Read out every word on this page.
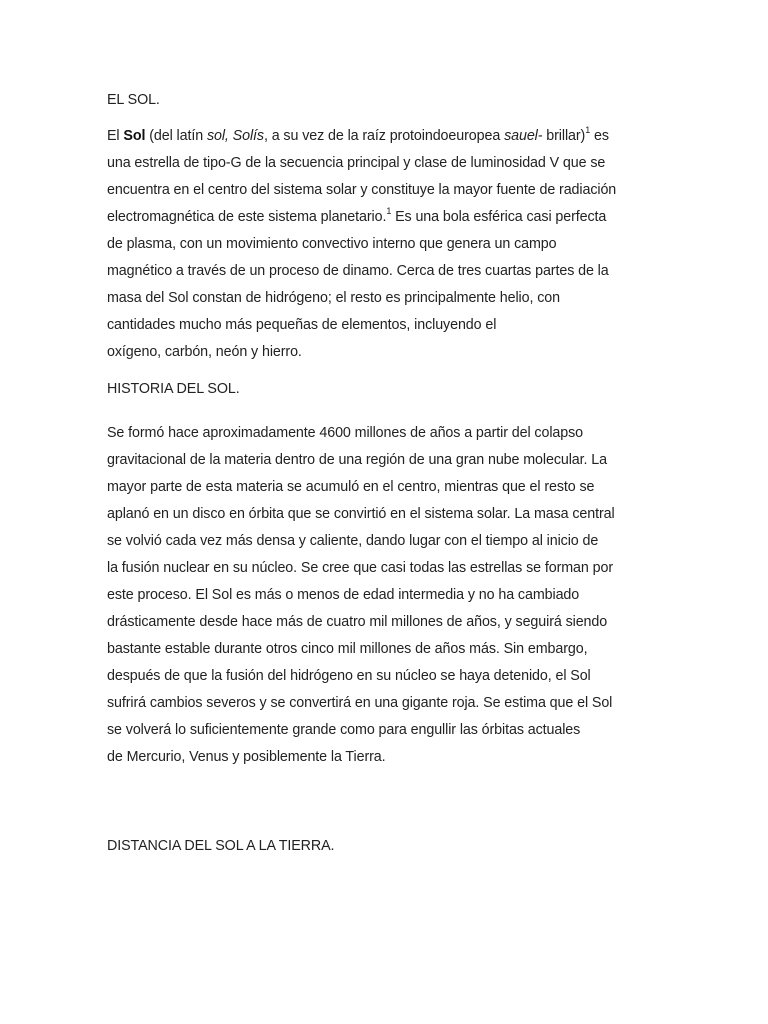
EL SOL.
El Sol (del latín sol, Solís, a su vez de la raíz protoindoeuropea sauel- brillar)$^1$ es
una estrella de tipo-G de la secuencia principal y clase de luminosidad V que se
encuentra en el centro del sistema solar y constituye la mayor fuente de radiación
electromagnética de este sistema planetario.$^1$ Es una bola esférica casi perfecta
de plasma, con un movimiento convectivo interno que genera un campo
magnético a través de un proceso de dinamo. Cerca de tres cuartas partes de la
masa del Sol constan de hidrógeno; el resto es principalmente helio, con
cantidades mucho más pequeñas de elementos, incluyendo el
oxígeno, carbón, neón y hierro.
HISTORIA DEL SOL.
Se formó hace aproximadamente 4600 millones de años a partir del colapso
gravitacional de la materia dentro de una región de una gran nube molecular. La
mayor parte de esta materia se acumuló en el centro, mientras que el resto se
aplanó en un disco en órbita que se convirtió en el sistema solar. La masa central
se volvió cada vez más densa y caliente, dando lugar con el tiempo al inicio de
la fusión nuclear en su núcleo. Se cree que casi todas las estrellas se forman por
este proceso. El Sol es más o menos de edad intermedia y no ha cambiado
drásticamente desde hace más de cuatro mil millones de años, y seguirá siendo
bastante estable durante otros cinco mil millones de años más. Sin embargo,
después de que la fusión del hidrógeno en su núcleo se haya detenido, el Sol
sufrirá cambios severos y se convertirá en una gigante roja. Se estima que el Sol
se volverá lo suficientemente grande como para engullir las órbitas actuales
de Mercurio, Venus y posiblemente la Tierra.
DISTANCIA DEL SOL A LA TIERRA.
